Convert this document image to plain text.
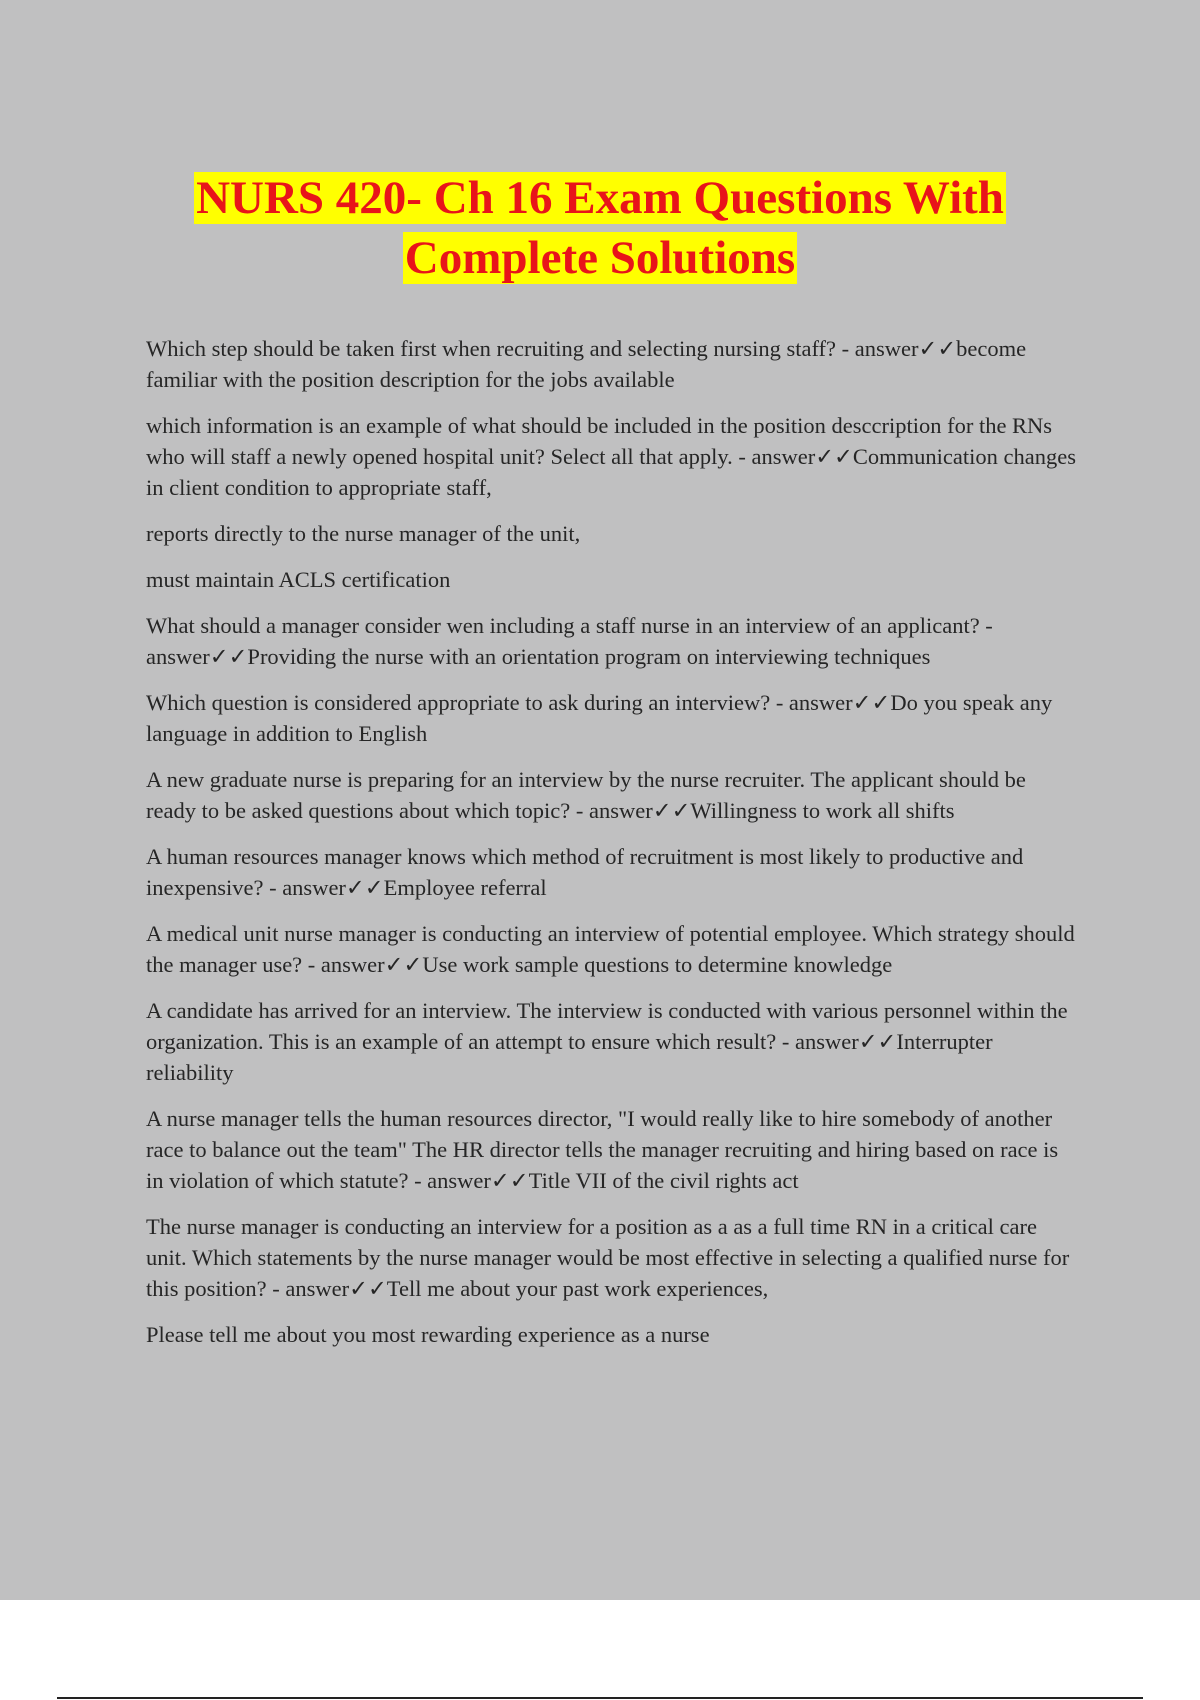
NURS 420- Ch 16 Exam Questions With
Complete Solutions

Which step should be taken first when recruiting and selecting nursing staff? - answer✓✓become familiar with the position description for the jobs available

which information is an example of what should be included in the position desccription for the RNs who will staff a newly opened hospital unit? Select all that apply. - answer✓✓Communication changes in client condition to appropriate staff,

reports directly to the nurse manager of the unit,

must maintain ACLS certification

What should a manager consider wen including a staff nurse in an interview of an applicant? - answer✓✓Providing the nurse with an orientation program on interviewing techniques

Which question is considered appropriate to ask during an interview? - answer✓✓Do you speak any language in addition to English

A new graduate nurse is preparing for an interview by the nurse recruiter. The applicant should be ready to be asked questions about which topic? - answer✓✓Willingness to work all shifts

A human resources manager knows which method of recruitment is most likely to productive and inexpensive? - answer✓✓Employee referral

A medical unit nurse manager is conducting an interview of potential employee. Which strategy should the manager use? - answer✓✓Use work sample questions to determine knowledge

A candidate has arrived for an interview. The interview is conducted with various personnel within the organization. This is an example of an attempt to ensure which result? - answer✓✓Interrupter reliability

A nurse manager tells the human resources director, "I would really like to hire somebody of another race to balance out the team" The HR director tells the manager recruiting and hiring based on race is in violation of which statute? - answer✓✓Title VII of the civil rights act

The nurse manager is conducting an interview for a position as a as a full time RN in a critical care unit. Which statements by the nurse manager would be most effective in selecting a qualified nurse for this position? - answer✓✓Tell me about your past work experiences,

Please tell me about you most rewarding experience as a nurse
